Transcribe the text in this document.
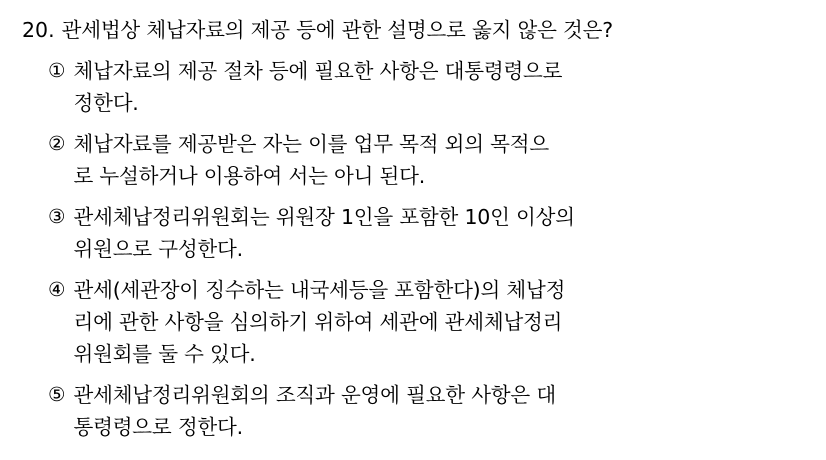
20. 관세법상 체납자료의 제공 등에 관한 설명으로 옳지 않은 것은?
① 체납자료의 제공 절차 등에 필요한 사항은 대통령령으로
정한다.
② 체납자료를 제공받은 자는 이를 업무 목적 외의 목적으
로 누설하거나 이용하여 서는 아니 된다.
③ 관세체납정리위원회는 위원장 1인을 포함한 10인 이상의
위원으로 구성한다.
④ 관세(세관장이 징수하는 내국세등을 포함한다)의 체납정
리에 관한 사항을 심의하기 위하여 세관에 관세체납정리
위원회를 둘 수 있다.
⑤ 관세체납정리위원회의 조직과 운영에 필요한 사항은 대
통령령으로 정한다.
